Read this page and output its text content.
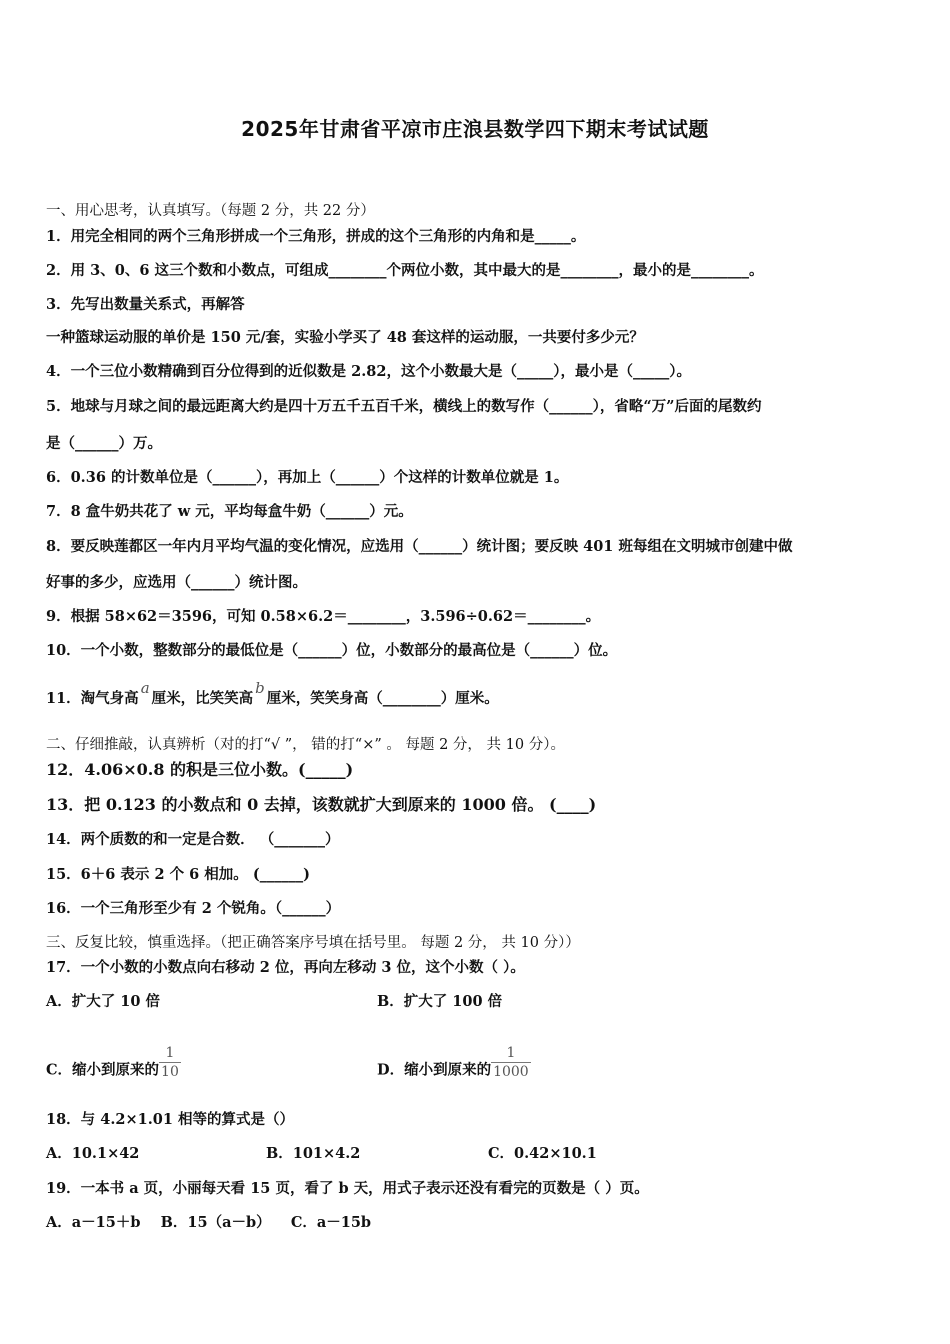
2025年甘肃省平凉市庄浪县数学四下期末考试试题
一、用心思考，认真填写。（每题 2 分，共 22 分）
1．用完全相同的两个三角形拼成一个三角形，拼成的这个三角形的内角和是_____。
2．用 3、0、6 这三个数和小数点，可组成________个两位小数，其中最大的是________，最小的是________。
3．先写出数量关系式，再解答
一种篮球运动服的单价是 150 元/套，实验小学买了 48 套这样的运动服，一共要付多少元？
4．一个三位小数精确到百分位得到的近似数是 2.82，这个小数最大是（_____），最小是（_____）。
5．地球与月球之间的最远距离大约是四十万五千五百千米，横线上的数写作（______），省略“万”后面的尾数约
是（______）万。
6．0.36 的计数单位是（______），再加上（______）个这样的计数单位就是 1。
7．8 盒牛奶共花了 w 元，平均每盒牛奶（______）元。
8．要反映莲都区一年内月平均气温的变化情况，应选用（______）统计图；要反映 401 班每组在文明城市创建中做
好事的多少，应选用（______）统计图。
9．根据 58×62＝3596，可知 0.58×6.2＝________，3.596÷0.62＝________。
10．一个小数，整数部分的最低位是（______）位，小数部分的最高位是（______）位。
11．淘气身高a厘米，比笑笑高b厘米，笑笑身高（________）厘米。
二、仔细推敲，认真辨析（对的打“√ ”， 错的打“×” 。 每题 2 分， 共 10 分）。
12．4.06×0.8 的积是三位小数。(_____)
13．把 0.123 的小数点和 0 去掉，该数就扩大到原来的 1000 倍。 (____)
14．两个质数的和一定是合数． （_______）
15．6＋6 表示 2 个 6 相加。 (______)
16．一个三角形至少有 2 个锐角。（______）
三、反复比较，慎重选择。（把正确答案序号填在括号里。 每题 2 分， 共 10 分））
17．一个小数的小数点向右移动 2 位，再向左移动 3 位，这个小数（ ）。
A．扩大了 10 倍	B．扩大了 100 倍
C．缩小到原来的 $\frac{1}{10}$	D．缩小到原来的 $\frac{1}{1000}$
18．与 4.2×1.01 相等的算式是（）
A．10.1×42	B．101×4.2	C．0.42×10.1
19．一本书 a 页，小丽每天看 15 页，看了 b 天，用式子表示还没有看完的页数是（ ）页。
A．a－15＋b    B．15（a－b）    C．a－15b
